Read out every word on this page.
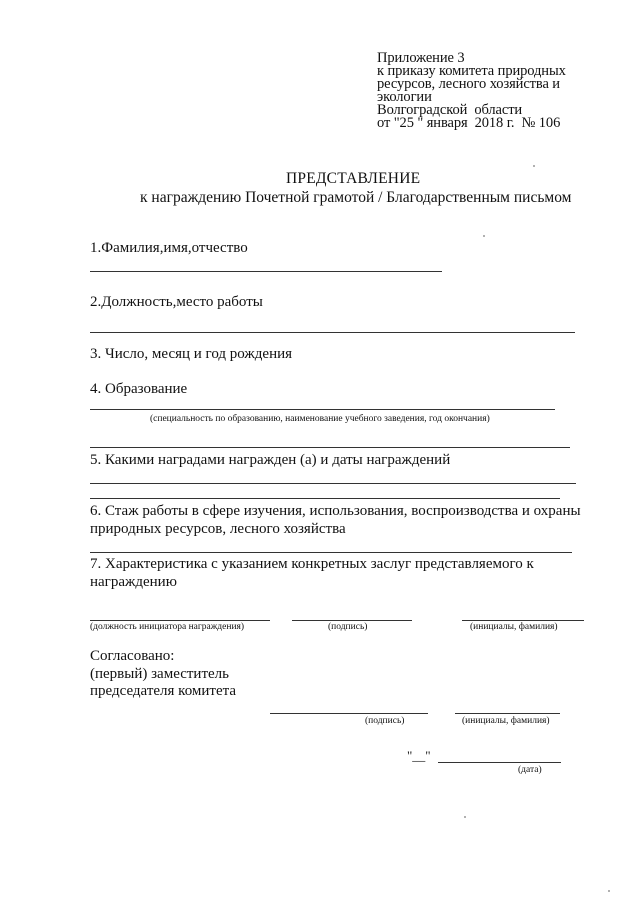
Приложение 3
к приказу комитета природных
ресурсов, лесного хозяйства и
экологии
Волгоградской  области
от "25 " января  2018 г.  № 106
ПРЕДСТАВЛЕНИЕ
к награждению Почетной грамотой / Благодарственным письмом
1.Фамилия,имя,отчество
2.Должность,место работы
3. Число, месяц и год рождения
4. Образование
(специальность по образованию, наименование учебного заведения, год окончания)
5. Какими наградами награжден (а) и даты награждений
6. Стаж работы в сфере изучения, использования, воспроизводства и охраны
природных ресурсов, лесного хозяйства
7. Характеристика с указанием конкретных заслуг представляемого к
награждению
(должность инициатора награждения)	(подпись)	(инициалы, фамилия)
Согласовано:
(первый) заместитель
председателя комитета
(подпись)	(инициалы, фамилия)
"__"
(дата)
